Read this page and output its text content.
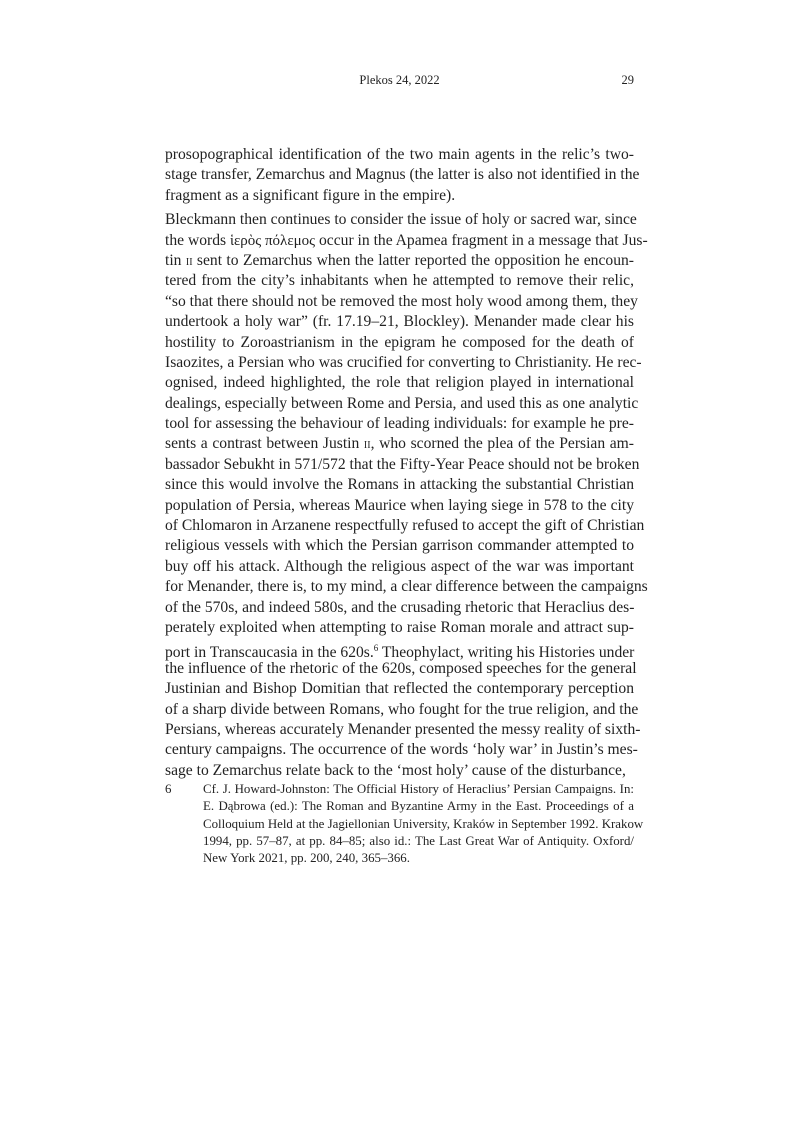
Plekos 24, 2022	29
prosopographical identification of the two main agents in the relic’s two-
stage transfer, Zemarchus and Magnus (the latter is also not identified in the
fragment as a significant figure in the empire).
Bleckmann then continues to consider the issue of holy or sacred war, since
the words ἱερὸς πόλεμος occur in the Apamea fragment in a message that Jus-
tin ii sent to Zemarchus when the latter reported the opposition he encoun-
tered from the city’s inhabitants when he attempted to remove their relic,
“so that there should not be removed the most holy wood among them, they
undertook a holy war” (fr. 17.19–21, Blockley). Menander made clear his
hostility to Zoroastrianism in the epigram he composed for the death of
Isaozites, a Persian who was crucified for converting to Christianity. He rec-
ognised, indeed highlighted, the role that religion played in international
dealings, especially between Rome and Persia, and used this as one analytic
tool for assessing the behaviour of leading individuals: for example he pre-
sents a contrast between Justin ii, who scorned the plea of the Persian am-
bassador Sebukht in 571/572 that the Fifty-Year Peace should not be broken
since this would involve the Romans in attacking the substantial Christian
population of Persia, whereas Maurice when laying siege in 578 to the city
of Chlomaron in Arzanene respectfully refused to accept the gift of Christian
religious vessels with which the Persian garrison commander attempted to
buy off his attack. Although the religious aspect of the war was important
for Menander, there is, to my mind, a clear difference between the campaigns
of the 570s, and indeed 580s, and the crusading rhetoric that Heraclius des-
perately exploited when attempting to raise Roman morale and attract sup-
port in Transcaucasia in the 620s.$^6$ Theophylact, writing his Histories under
the influence of the rhetoric of the 620s, composed speeches for the general
Justinian and Bishop Domitian that reflected the contemporary perception
of a sharp divide between Romans, who fought for the true religion, and the
Persians, whereas accurately Menander presented the messy reality of sixth-
century campaigns. The occurrence of the words ‘holy war’ in Justin’s mes-
sage to Zemarchus relate back to the ‘most holy’ cause of the disturbance,
6 Cf. J. Howard-Johnston: The Official History of Heraclius’ Persian Campaigns. In:
E. Dąbrowa (ed.): The Roman and Byzantine Army in the East. Proceedings of a
Colloquium Held at the Jagiellonian University, Kraków in September 1992. Krakow
1994, pp. 57–87, at pp. 84–85; also id.: The Last Great War of Antiquity. Oxford/
New York 2021, pp. 200, 240, 365–366.
